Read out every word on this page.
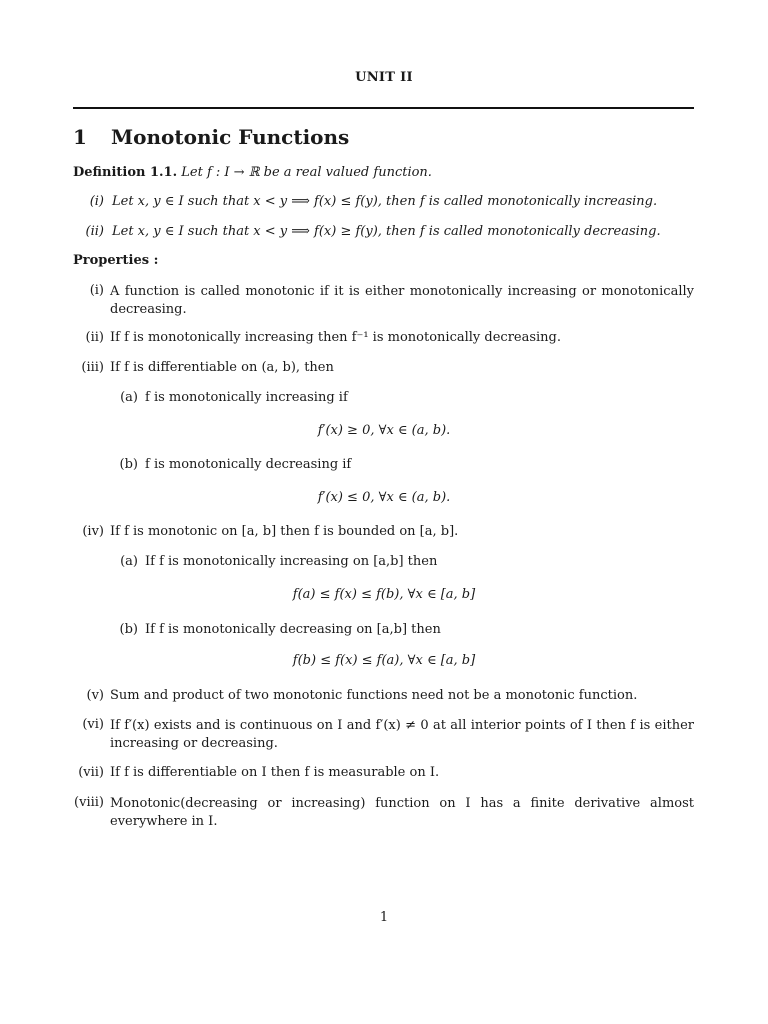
UNIT II
1 Monotonic Functions
Definition 1.1. Let f : I → ℝ be a real valued function.
(i) Let x, y ∈ I such that x < y ⟹ f(x) ≤ f(y), then f is called monotonically increasing.
(ii) Let x, y ∈ I such that x < y ⟹ f(x) ≥ f(y), then f is called monotonically decreasing.
Properties :
(i) A function is called monotonic if it is either monotonically increasing or monotonically decreasing.
(ii) If f is monotonically increasing then f⁻¹ is monotonically decreasing.
(iii) If f is differentiable on (a, b), then
(a) f is monotonically increasing if
f′(x) ≥ 0, ∀x ∈ (a, b).
(b) f is monotonically decreasing if
f′(x) ≤ 0, ∀x ∈ (a, b).
(iv) If f is monotonic on [a, b] then f is bounded on [a, b].
(a) If f is monotonically increasing on [a,b] then
f(a) ≤ f(x) ≤ f(b), ∀x ∈ [a, b]
(b) If f is monotonically decreasing on [a,b] then
f(b) ≤ f(x) ≤ f(a), ∀x ∈ [a, b]
(v) Sum and product of two monotonic functions need not be a monotonic function.
(vi) If f′(x) exists and is continuous on I and f′(x) ≠ 0 at all interior points of I then f is either increasing or decreasing.
(vii) If f is differentiable on I then f is measurable on I.
(viii) Monotonic(decreasing or increasing) function on I has a finite derivative almost everywhere in I.
1
